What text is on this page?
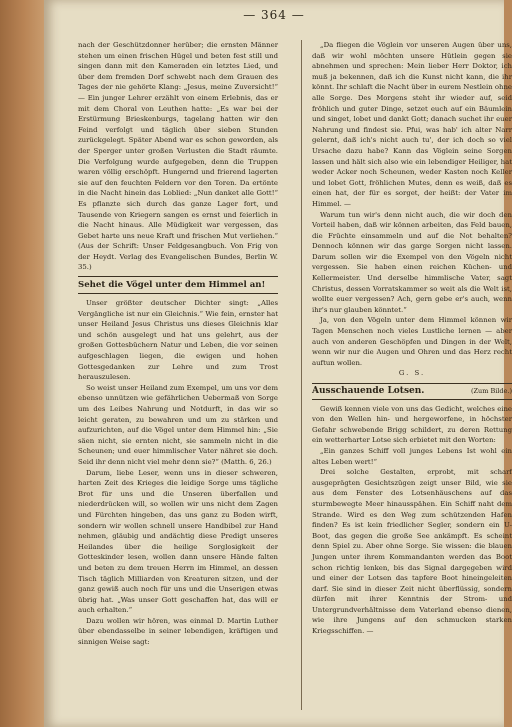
— 364 —

nach der Geschützdonner herüber; die ernsten Männer stehen um einen frischen Hügel und beten fest still und singen dann mit den Kameraden ein letztes Lied, und über dem fremden Dorf schwebt nach dem Grauen des Tages der nie gehörte Klang: „Jesus, meine Zuversicht!“ — Ein junger Lehrer erzählt von einem Erlebnis, das er mit dem Choral von Leuthen hatte: „Es war bei der Erstürmung Brieskenburgs, tagelang hatten wir den Feind verfolgt und täglich über sieben Stunden zurückgelegt. Später Abend war es schon geworden, als der Sperger unter großen Verlusten die Stadt räumte. Die Verfolgung wurde aufgegeben, denn die Truppen waren völlig erschöpft. Hungernd und frierend lagerten sie auf den feuchten Feldern vor den Toren. Da ertönte in die Nacht hinein das Loblied: „Nun danket alle Gott!“ Es pflanzte sich durch das ganze Lager fort, und Tausende von Kriegern sangen es ernst und feierlich in die Nacht hinaus. Alle Müdigkeit war vergessen, das Gebet harte uns neue Kraft und frischen Mut verliehen.“ (Aus der Schrift: Unser Feldgesangbuch. Von Frig von der Heydt. Verlag des Evangelischen Bundes, Berlin W. 35.)

Sehet die Vögel unter dem Himmel an!

Unser größter deutscher Dichter singt: „Alles Vergängliche ist nur ein Gleichnis.“ Wie fein, ernster hat unser Heiland Jesus Christus uns dieses Gleichnis klar und schön ausgelegt und hat uns gelehrt, aus der großen Gottesbüchern Natur und Leben, die vor seinen aufgeschlagen liegen, die ewigen und hohen Gottesgedanken zur Lehre und zum Trost herauszulesen.

So weist unser Heiland zum Exempel, um uns vor dem ebenso unnützen wie gefährlichen Uebermaß von Sorge um des Leibes Nahrung und Notdurft, in das wir so leicht geraten, zu bewahren und um zu stärken und aufzurichten, auf die Vögel unter dem Himmel hin: „Sie säen nicht, sie ernten nicht, sie sammeln nicht in die Scheunen; und euer himmlischer Vater nähret sie doch. Seid ihr denn nicht viel mehr denn sie?“ (Matth. 6, 26.)

Darum, liebe Leser, wenn uns in dieser schweren, harten Zeit des Krieges die leidige Sorge ums tägliche Brot für uns und die Unseren überfallen und niederdrücken will, so wollen wir uns nicht dem Zagen und Fürchten hingeben, das uns ganz zu Boden wirft, sondern wir wollen schnell unsere Handbibel zur Hand nehmen, gläubig und andächtig diese Predigt unseres Heilandes über die heilige Sorglosigkeit der Gotteskinder lesen, wollen dann unsere Hände falten und beten zu dem treuen Herrn im Himmel, an dessen Tisch täglich Milliarden von Kreaturen sitzen, und der ganz gewiß auch noch für uns und die Unserigen etwas übrig hat. „Was unser Gott geschaffen hat, das will er auch erhalten.“

Dazu wollen wir hören, was einmal D. Martin Luther über ebendasselbe in seiner lebendigen, kräftigen und sinnigen Weise sagt:

„Da fliegen die Vöglein vor unseren Augen über uns, daß wir wohl möchten unsere Hütlein gegen sie abnehmen und sprechen: Mein lieber Herr Doktor, ich muß ja bekennen, daß ich die Kunst nicht kann, die ihr könnt. Ihr schlaft die Nacht über in eurem Nestlein ohne alle Sorge. Des Morgens steht ihr wieder auf, seid fröhlich und guter Dinge, setzet euch auf ein Bäumlein und singet, lobet und dankt Gott; danach suchet ihr euer Nahrung und findest sie. Pfui, was hab' ich alter Narr gelernt, daß ich's nicht auch tu', der ich doch so viel Ursache dazu habe? Kann das Vöglein seine Sorgen lassen und hält sich also wie ein lebendiger Heiliger, hat weder Acker noch Scheunen, weder Kasten noch Keller und lobet Gott, fröhlichen Mutes, denn es weiß, daß es einen hat, der für es sorget, der heißt: der Vater im Himmel. —

Warum tun wir's denn nicht auch, die wir doch den Vorteil haben, daß wir können arbeiten, das Feld bauen, die Früchte einsammeln und auf die Not behalten? Dennoch können wir das garge Sorgen nicht lassen. Darum sollen wir die Exempel von den Vögeln nicht vergessen. Sie haben einen reichen Küchen- und Kellermeister. Und derselbe himmlische Vater, sagt Christus, dessen Vorratskammer so weit als die Welt ist, wollte euer vergessen? Ach, gern gebe er's auch, wenn ihr's nur glauben könntet.“

Ja, von den Vögeln unter dem Himmel können wir Tagen Menschen noch vieles Lustliche lernen — aber auch von anderen Geschöpfen und Dingen in der Welt, wenn wir nur die Augen und Ohren und das Herz recht auftun wollen.

G. S.

Ausschauende Lotsen.	(Zum Bilde.)

Gewiß kennen viele von uns das Gedicht, welches eine von den Wellen hin- und hergeworfene, in höchster Gefahr schwebende Brigg schildert, zu deren Rettung ein wetterharter Lotse sich erbietet mit den Worten:

„Ein ganzes Schiff voll junges Lebens Ist wohl ein altes Leben wert!“

Drei solche Gestalten, erprobt, mit scharf ausgeprägten Gesichtszügen zeigt unser Bild, wie sie aus dem Fenster des Lotsenhäuschens auf das sturmbewegte Meer hinausspähen. Ein Schiff naht dem Strande. Wird es den Weg zum schützenden Hafen finden? Es ist kein friedlicher Segler, sondern ein U-Boot, das gegen die große See ankämpft. Es scheint denn Spiel zu. Aber ohne Sorge. Sie wissen: die blauen Jungen unter ihrem Kommandanten werden das Boot schon richtig lenken, bis das Signal dargegeben wird und einer der Lotsen das tapfere Boot hineingeleiten darf. Sie sind in dieser Zeit nicht überflüssig, sondern dürfen mit ihrer Kenntnis der Strom- und Untergrundverhältnisse dem Vaterland ebenso dienen, wie ihre Jungens auf den schmucken starken Kriegsschiffen. —
